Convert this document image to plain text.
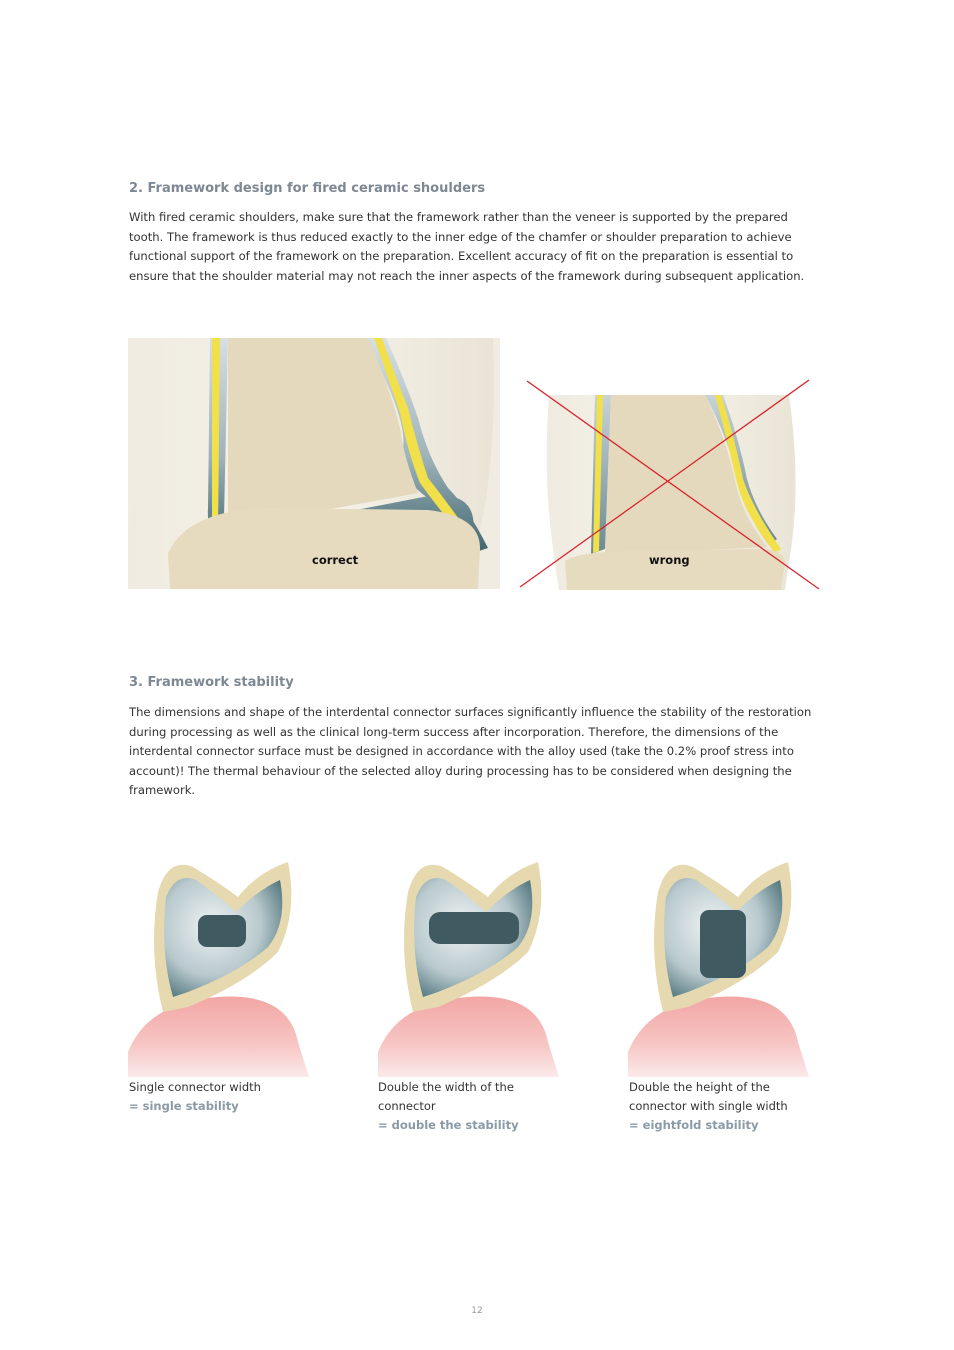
2. Framework design for fired ceramic shoulders

With fired ceramic shoulders, make sure that the framework rather than the veneer is supported by the prepared tooth. The framework is thus reduced exactly to the inner edge of the chamfer or shoulder preparation to achieve functional support of the framework on the preparation. Excellent accuracy of fit on the preparation is essential to ensure that the shoulder material may not reach the inner aspects of the framework during subsequent application.

correct	wrong
3. Framework stability

The dimensions and shape of the interdental connector surfaces significantly influence the stability of the restoration during processing as well as the clinical long-term success after incorporation. Therefore, the dimensions of the interdental connector surface must be designed in accordance with the alloy used (take the 0.2% proof stress into account)! The thermal behaviour of the selected alloy during processing has to be considered when designing the framework.

Single connector width
= single stability
Double the width of the connector
= double the stability
Double the height of the connector with single width
= eightfold stability
12
